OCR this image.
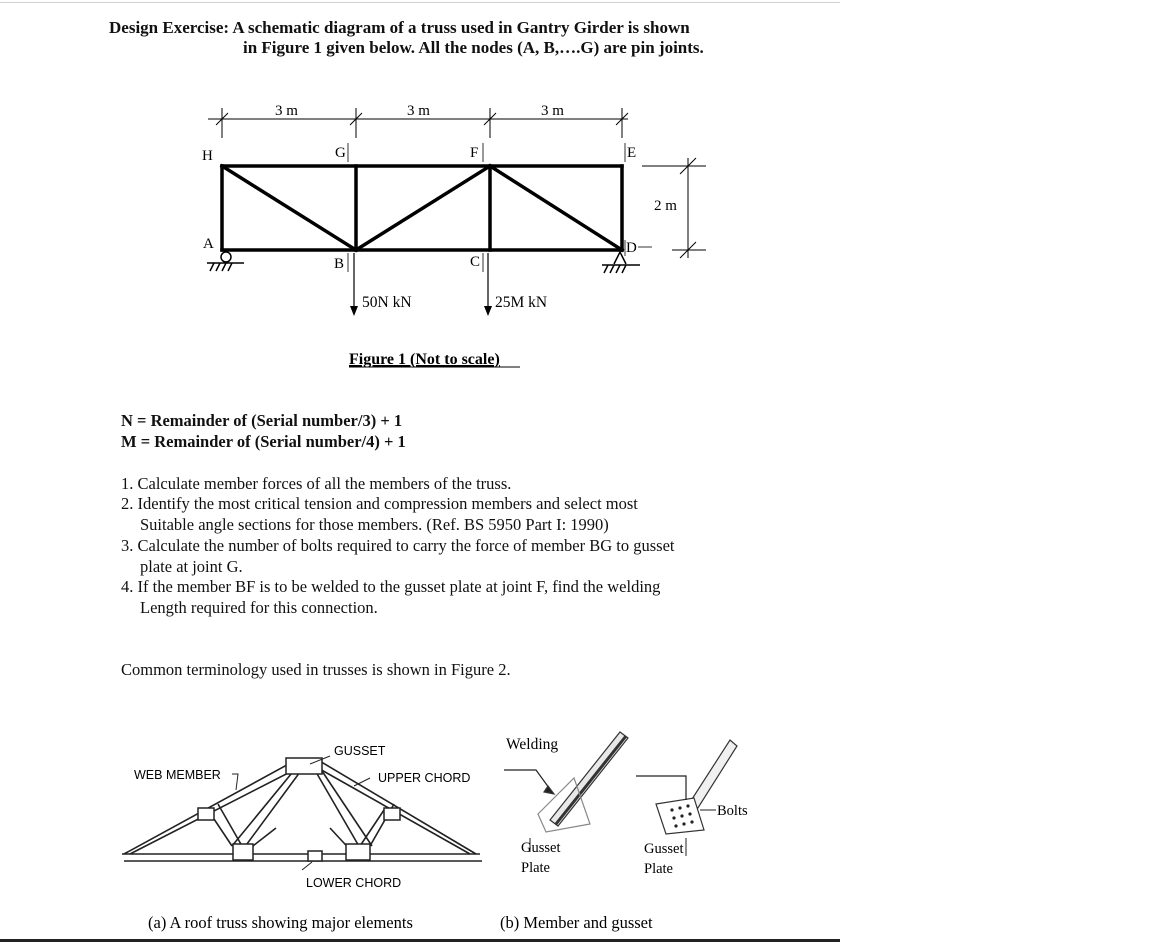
Design Exercise: A schematic diagram of a truss used in Gantry Girder is shown
in Figure 1 given below. All the nodes (A, B,….G) are pin joints.
3 m	3 m	3 m
H	G	F	E
A
B	C
D
2 m
50N kN	25M kN
Figure 1 (Not to scale)
N = Remainder of (Serial number/3) + 1
M = Remainder of (Serial number/4) + 1
1. Calculate member forces of all the members of the truss.
2. Identify the most critical tension and compression members and select most
Suitable angle sections for those members. (Ref. BS 5950 Part I: 1990)
3. Calculate the number of bolts required to carry the force of member BG to gusset
plate at joint G.
4. If the member BF is to be welded to the gusset plate at joint F, find the welding
Length required for this connection.
Common terminology used in trusses is shown in Figure 2.
GUSSET
WEB MEMBER	UPPER CHORD
LOWER CHORD
(a) A roof truss showing major elements
Welding
Bolts
Gusset
Plate
Gusset
Plate
(b) Member and gusset
